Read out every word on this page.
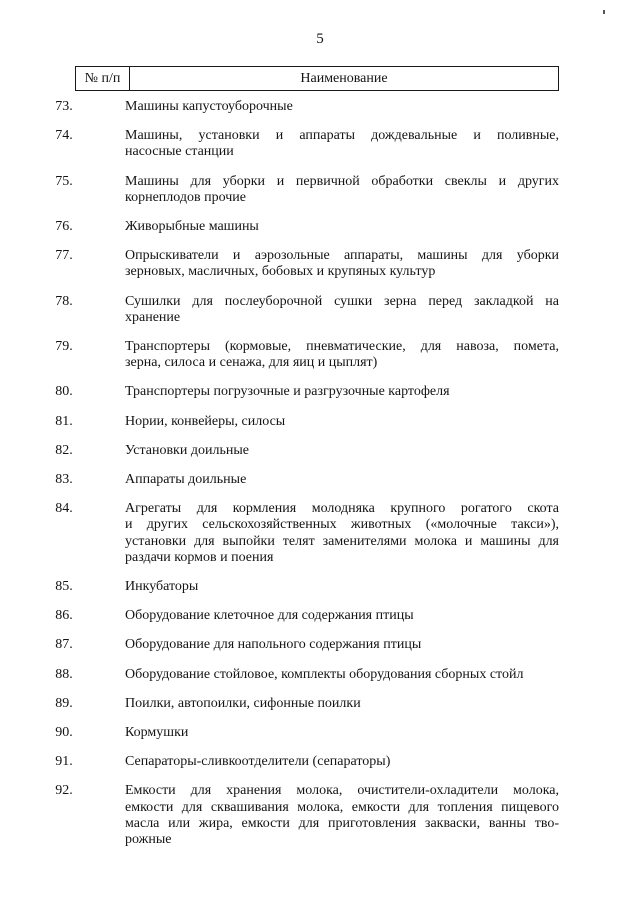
5
№ п/п	Наименование
73.	Машины капустоуборочные
74.	Машины, установки и аппараты дождевальные и поливные,
насосные станции
75.	Машины для уборки и первичной обработки свеклы и других
корнеплодов прочие
76.	Живорыбные машины
77.	Опрыскиватели и аэрозольные аппараты, машины для уборки
зерновых, масличных, бобовых и крупяных культур
78.	Сушилки для послеуборочной сушки зерна перед закладкой на
хранение
79.	Транспортеры (кормовые, пневматические, для навоза, помета,
зерна, силоса и сенажа, для яиц и цыплят)
80.	Транспортеры погрузочные и разгрузочные картофеля
81.	Нории, конвейеры, силосы
82.	Установки доильные
83.	Аппараты доильные
84.	Агрегаты для кормления молодняка крупного рогатого скота
и других сельскохозяйственных животных («молочные такси»),
установки для выпойки телят заменителями молока и машины для
раздачи кормов и поения
85.	Инкубаторы
86.	Оборудование клеточное для содержания птицы
87.	Оборудование для напольного содержания птицы
88.	Оборудование стойловое, комплекты оборудования сборных стойл
89.	Поилки, автопоилки, сифонные поилки
90.	Кормушки
91.	Сепараторы-сливкоотделители (сепараторы)
92.	Емкости для хранения молока, очистители-охладители молока,
емкости для сквашивания молока, емкости для топления пищевого
масла или жира, емкости для приготовления закваски, ванны тво-
рожные
